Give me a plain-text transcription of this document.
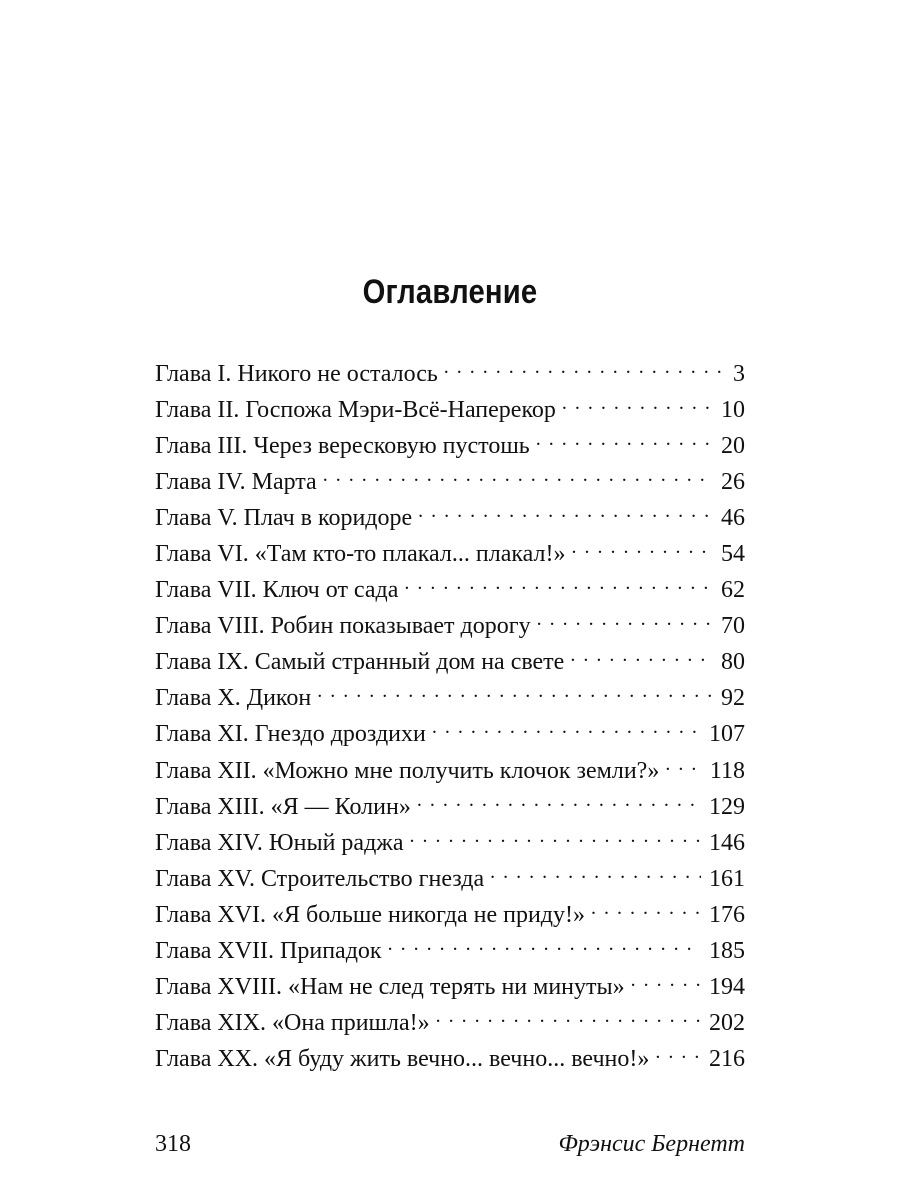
Оглавление
Глава I. Никого не осталось . . .	3
Глава II. Госпожа Мэри-Всё-Наперекор . . .	10
Глава III. Через вересковую пустошь . . .	20
Глава IV. Марта . . .	26
Глава V. Плач в коридоре . . .	46
Глава VI. «Там кто-то плакал... плакал!» . . .	54
Глава VII. Ключ от сада . . .	62
Глава VIII. Робин показывает дорогу . . .	70
Глава IX. Самый странный дом на свете . . .	80
Глава X. Дикон . . .	92
Глава XI. Гнездо дроздихи . . .	107
Глава XII. «Можно мне получить клочок земли?» . . . 118
Глава XIII. «Я — Колин» . . .	129
Глава XIV. Юный раджа . . .	146
Глава XV. Строительство гнезда . . .	161
Глава XVI. «Я больше никогда не приду!» . . .	176
Глава XVII. Припадок . . .	185
Глава XVIII. «Нам не след терять ни минуты» . . .	194
Глава XIX. «Она пришла!» . . .	202
Глава XX. «Я буду жить вечно... вечно... вечно!» . . . 216
318	Фрэнсис Бернетт
